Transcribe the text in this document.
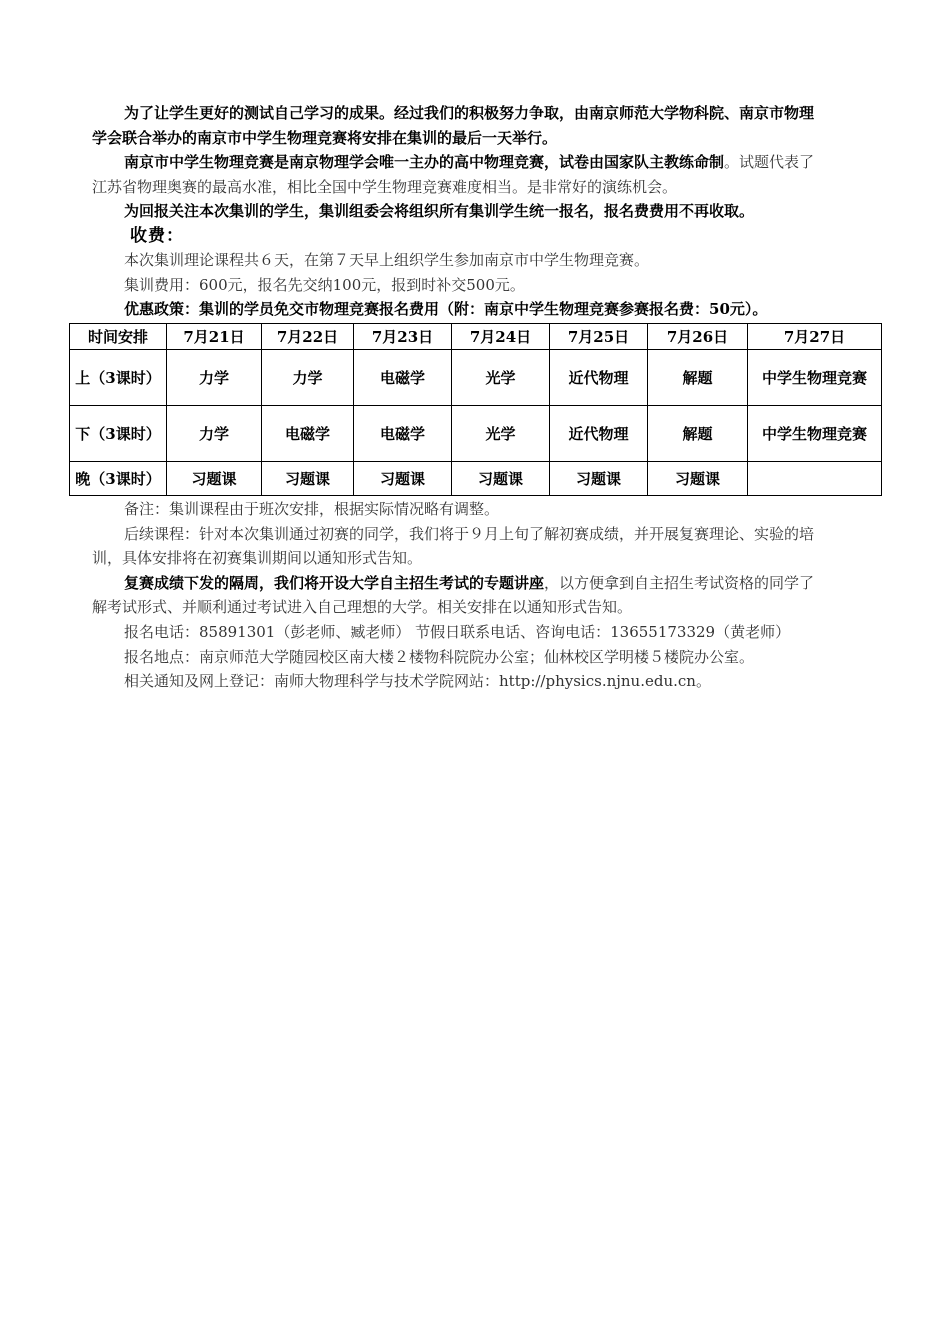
为了让学生更好的测试自己学习的成果。经过我们的积极努力争取，由南京师范大学物科院、南京市物理学会联合举办的南京市中学生物理竞赛将安排在集训的最后一天举行。

南京市中学生物理竞赛是南京物理学会唯一主办的高中物理竞赛，试卷由国家队主教练命制。试题代表了江苏省物理奥赛的最高水准，相比全国中学生物理竞赛难度相当。是非常好的演练机会。

为回报关注本次集训的学生，集训组委会将组织所有集训学生统一报名，报名费费用不再收取。

收费：

本次集训理论课程共６天，在第７天早上组织学生参加南京市中学生物理竞赛。

集训费用：600元，报名先交纳100元，报到时补交500元。

优惠政策：集训的学员免交市物理竞赛报名费用（附：南京中学生物理竞赛参赛报名费：50元）。

时间安排	7月21日	7月22日	7月23日	7月24日	7月25日	7月26日	7月27日
上（3课时）	力学	力学	电磁学	光学	近代物理	解题	中学生物理竞赛
下（3课时）	力学	电磁学	电磁学	光学	近代物理	解题	中学生物理竞赛
晚（3课时）	习题课	习题课	习题课	习题课	习题课	习题课	

备注：集训课程由于班次安排，根据实际情况略有调整。

后续课程：针对本次集训通过初赛的同学，我们将于９月上旬了解初赛成绩，并开展复赛理论、实验的培训，具体安排将在初赛集训期间以通知形式告知。

复赛成绩下发的隔周，我们将开设大学自主招生考试的专题讲座，以方便拿到自主招生考试资格的同学了解考试形式、并顺利通过考试进入自己理想的大学。相关安排在以通知形式告知。

报名电话：85891301（彭老师、臧老师） 节假日联系电话、咨询电话：13655173329（黄老师）

报名地点：南京师范大学随园校区南大楼２楼物科院院办公室；仙林校区学明楼５楼院办公室。

相关通知及网上登记：南师大物理科学与技术学院网站：http://physics.njnu.edu.cn。
